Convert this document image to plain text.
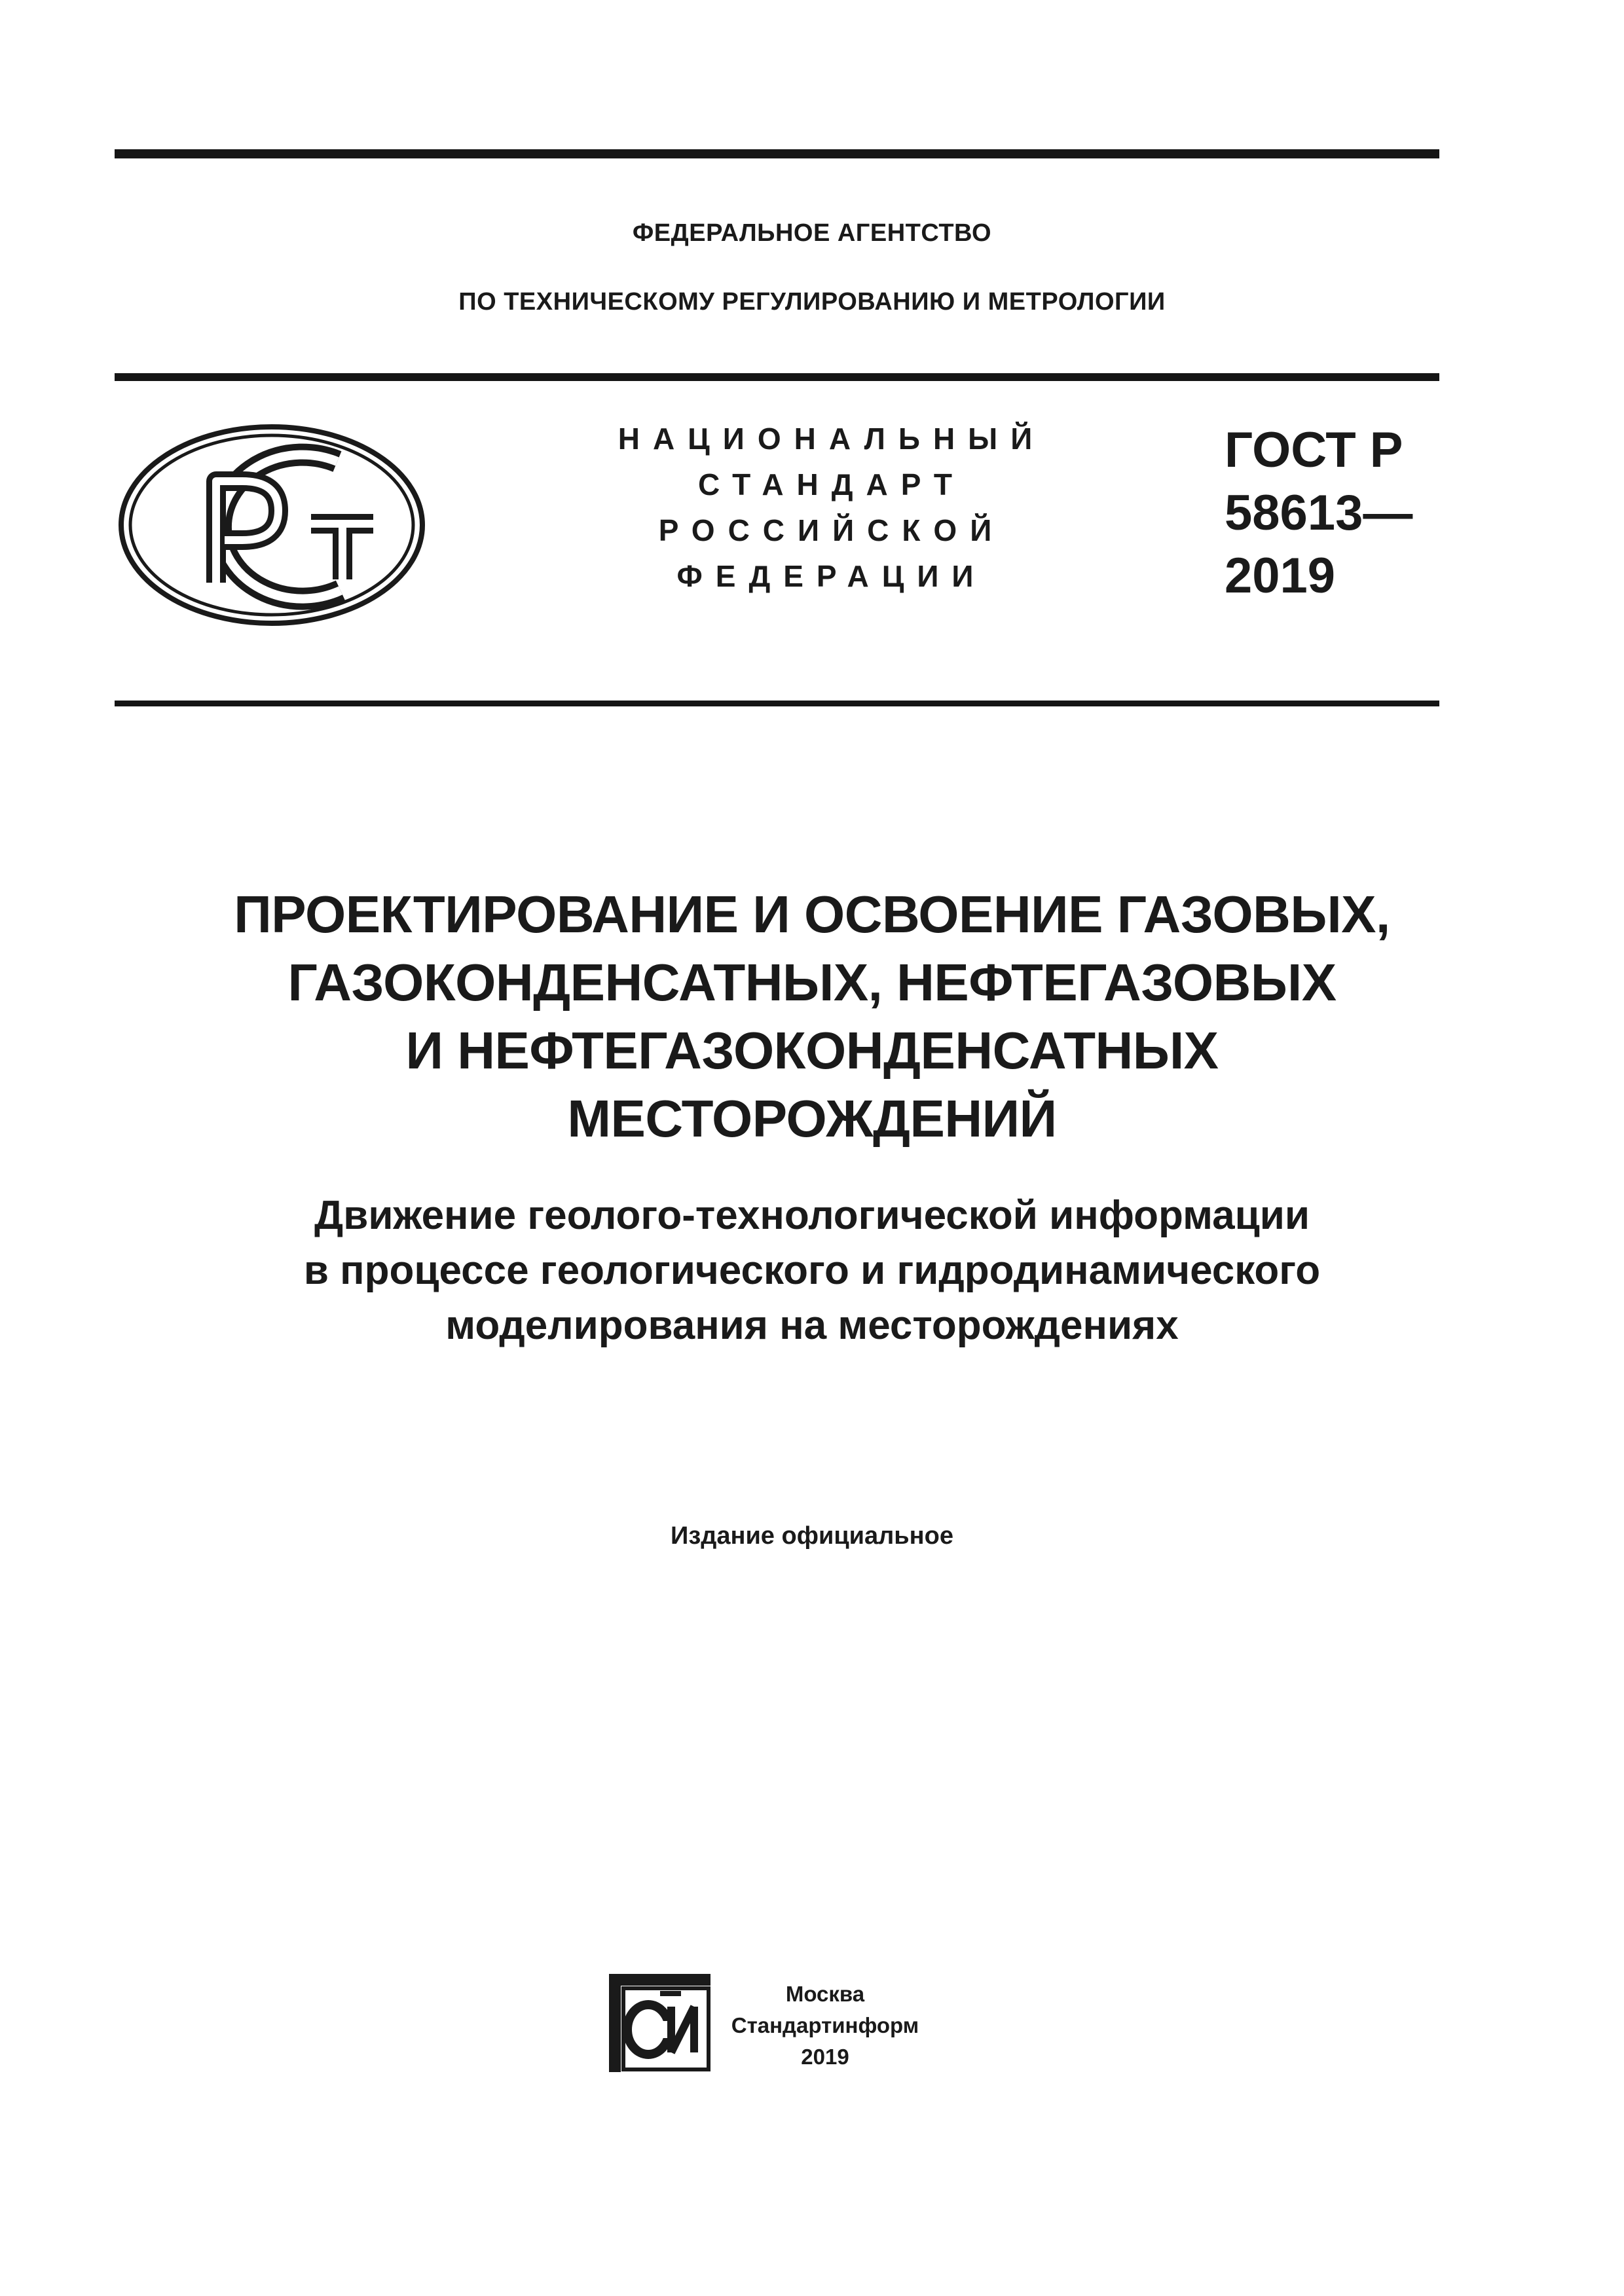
ФЕДЕРАЛЬНОЕ АГЕНТСТВО
ПО ТЕХНИЧЕСКОМУ РЕГУЛИРОВАНИЮ И МЕТРОЛОГИИ
НАЦИОНАЛЬНЫЙ
СТАНДАРТ
РОССИЙСКОЙ
ФЕДЕРАЦИИ
ГОСТ Р
58613—
2019
ПРОЕКТИРОВАНИЕ И ОСВОЕНИЕ ГАЗОВЫХ,
ГАЗОКОНДЕНСАТНЫХ, НЕФТЕГАЗОВЫХ
И НЕФТЕГАЗОКОНДЕНСАТНЫХ
МЕСТОРОЖДЕНИЙ
Движение геолого-технологической информации
в процессе геологического и гидродинамического
моделирования на месторождениях
Издание официальное
Москва
Стандартинформ
2019
